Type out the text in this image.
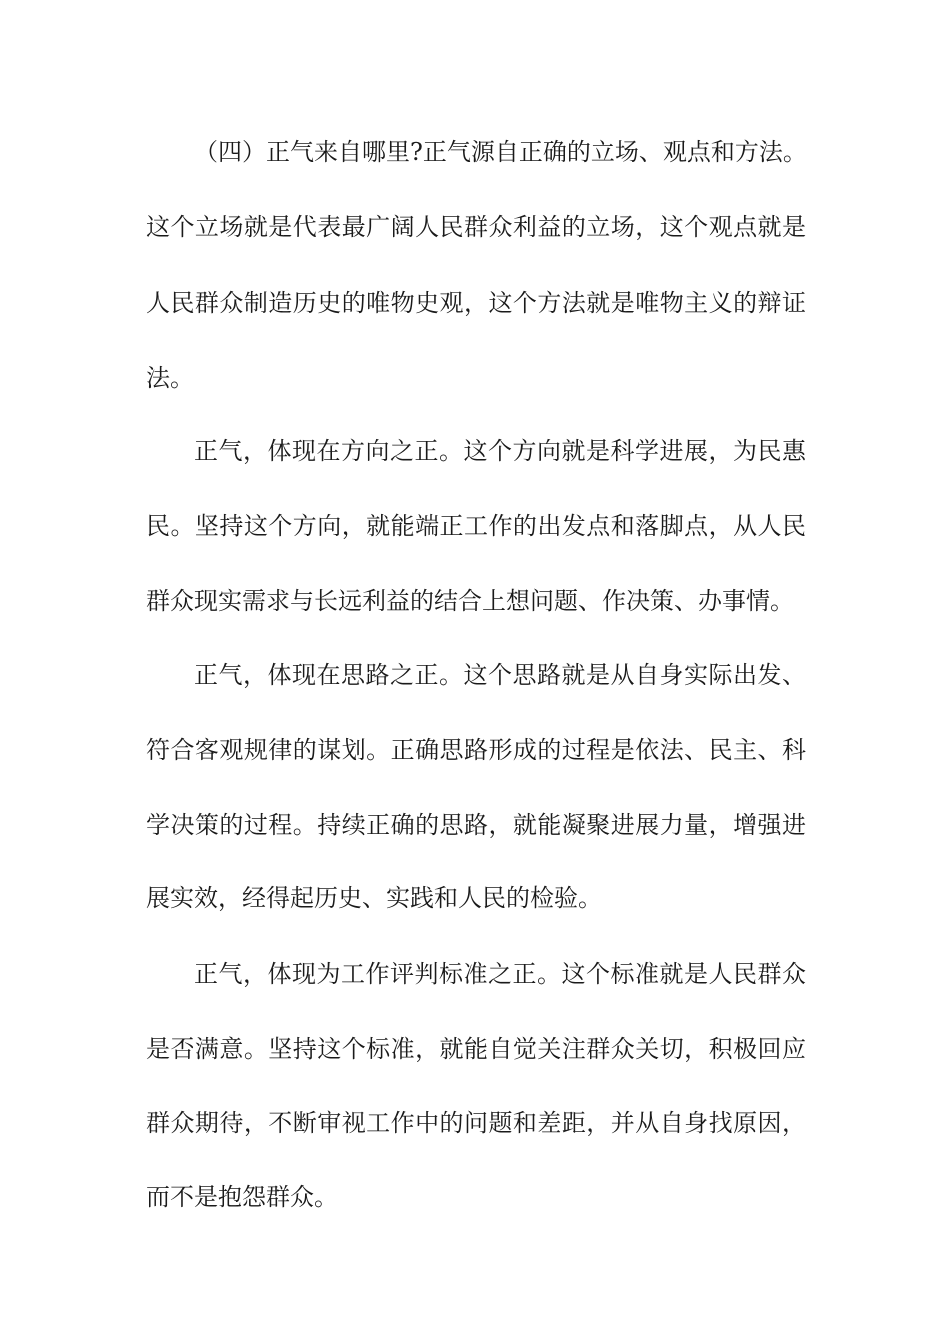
（四）正气来自哪里?正气源自正确的立场、观点和方法。
这个立场就是代表最广阔人民群众利益的立场，这个观点就是
人民群众制造历史的唯物史观，这个方法就是唯物主义的辩证
法。
正气，体现在方向之正。这个方向就是科学进展，为民惠
民。坚持这个方向，就能端正工作的出发点和落脚点，从人民
群众现实需求与长远利益的结合上想问题、作决策、办事情。
正气，体现在思路之正。这个思路就是从自身实际出发、
符合客观规律的谋划。正确思路形成的过程是依法、民主、科
学决策的过程。持续正确的思路，就能凝聚进展力量，增强进
展实效，经得起历史、实践和人民的检验。
正气，体现为工作评判标准之正。这个标准就是人民群众
是否满意。坚持这个标准，就能自觉关注群众关切，积极回应
群众期待，不断审视工作中的问题和差距，并从自身找原因，
而不是抱怨群众。
